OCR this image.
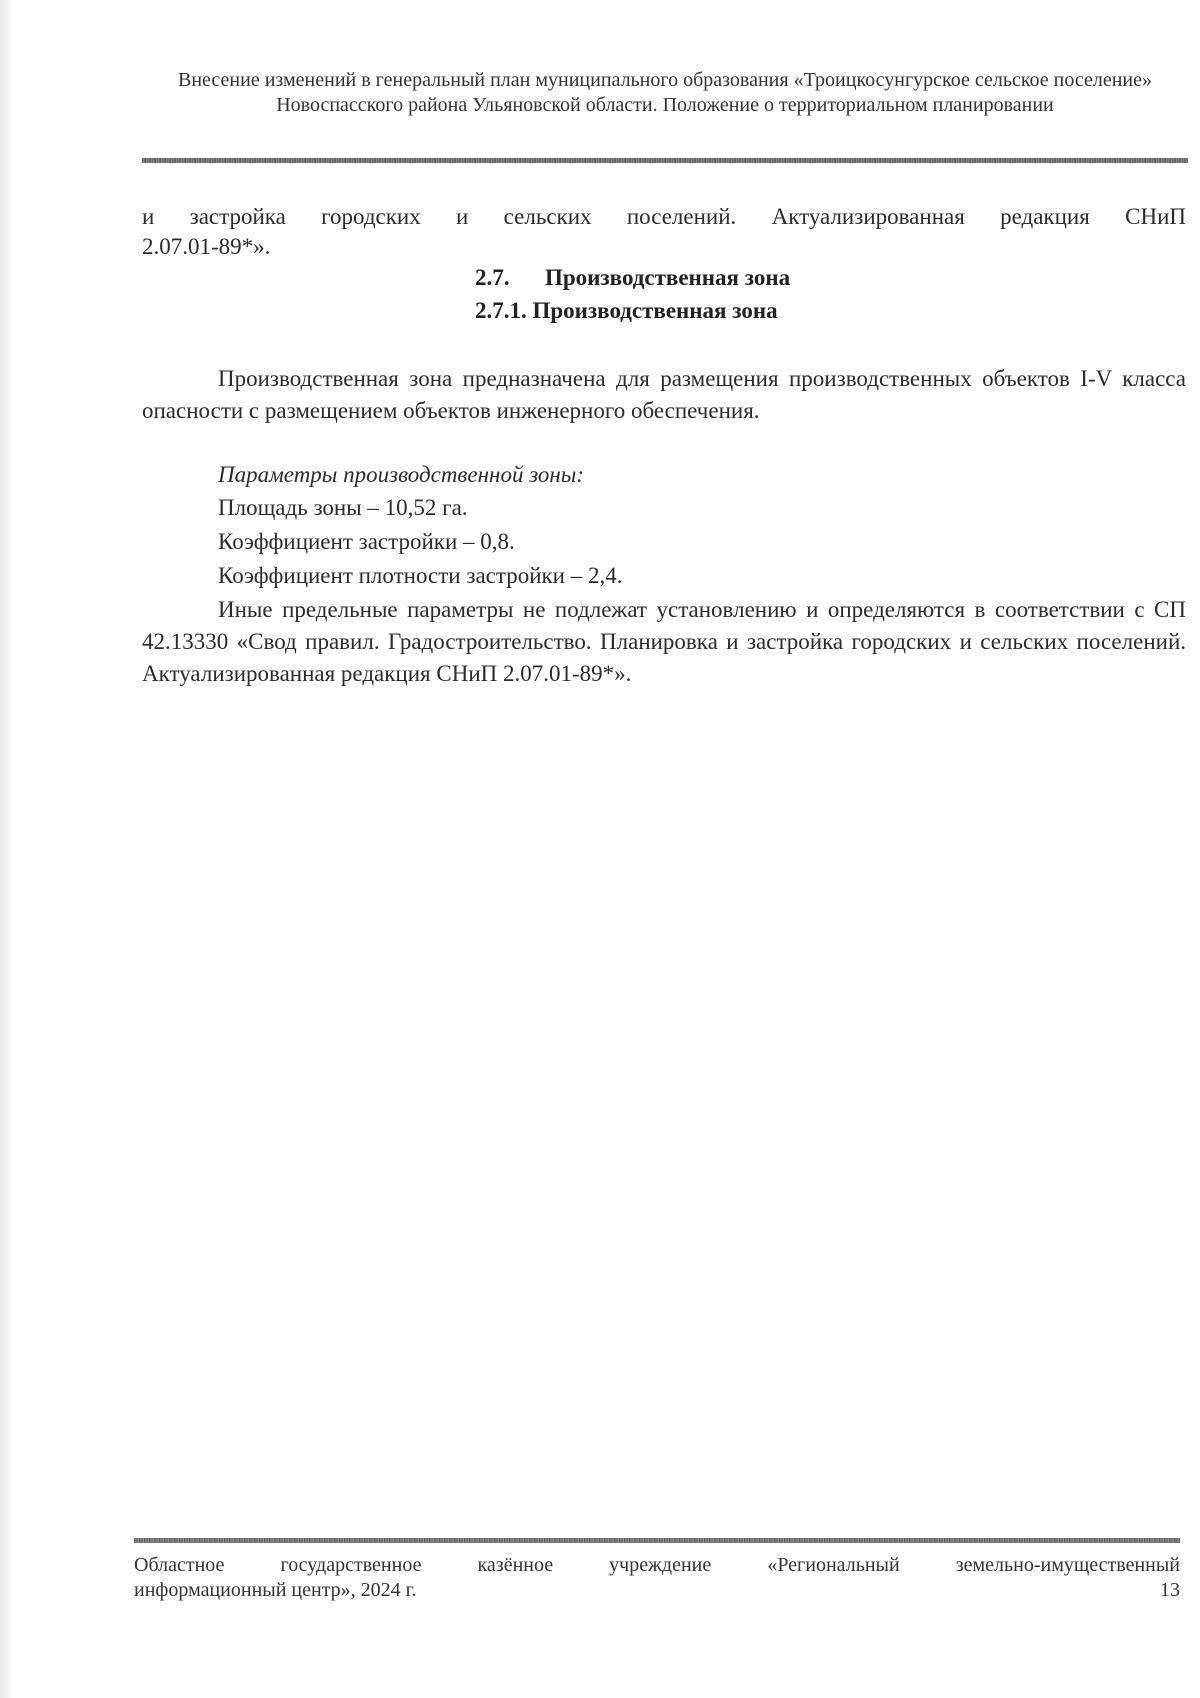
Внесение изменений в генеральный план муниципального образования «Троицкосунгурское сельское поселение» Новоспасского района Ульяновской области. Положение о территориальном планировании
и застройка городских и сельских поселений. Актуализированная редакция СНиП
2.07.01-89*».
2.7. Производственная зона
2.7.1. Производственная зона
Производственная зона предназначена для размещения производственных объектов I-V класса опасности с размещением объектов инженерного обеспечения.
Параметры производственной зоны:
Площадь зоны – 10,52 га.
Коэффициент застройки – 0,8.
Коэффициент плотности застройки – 2,4.
Иные предельные параметры не подлежат установлению и определяются в соответствии с СП 42.13330 «Свод правил. Градостроительство. Планировка и застройка городских и сельских поселений. Актуализированная редакция СНиП 2.07.01-89*».
Областное государственное казённое учреждение «Региональный земельно-имущественный
информационный центр», 2024 г.	13
